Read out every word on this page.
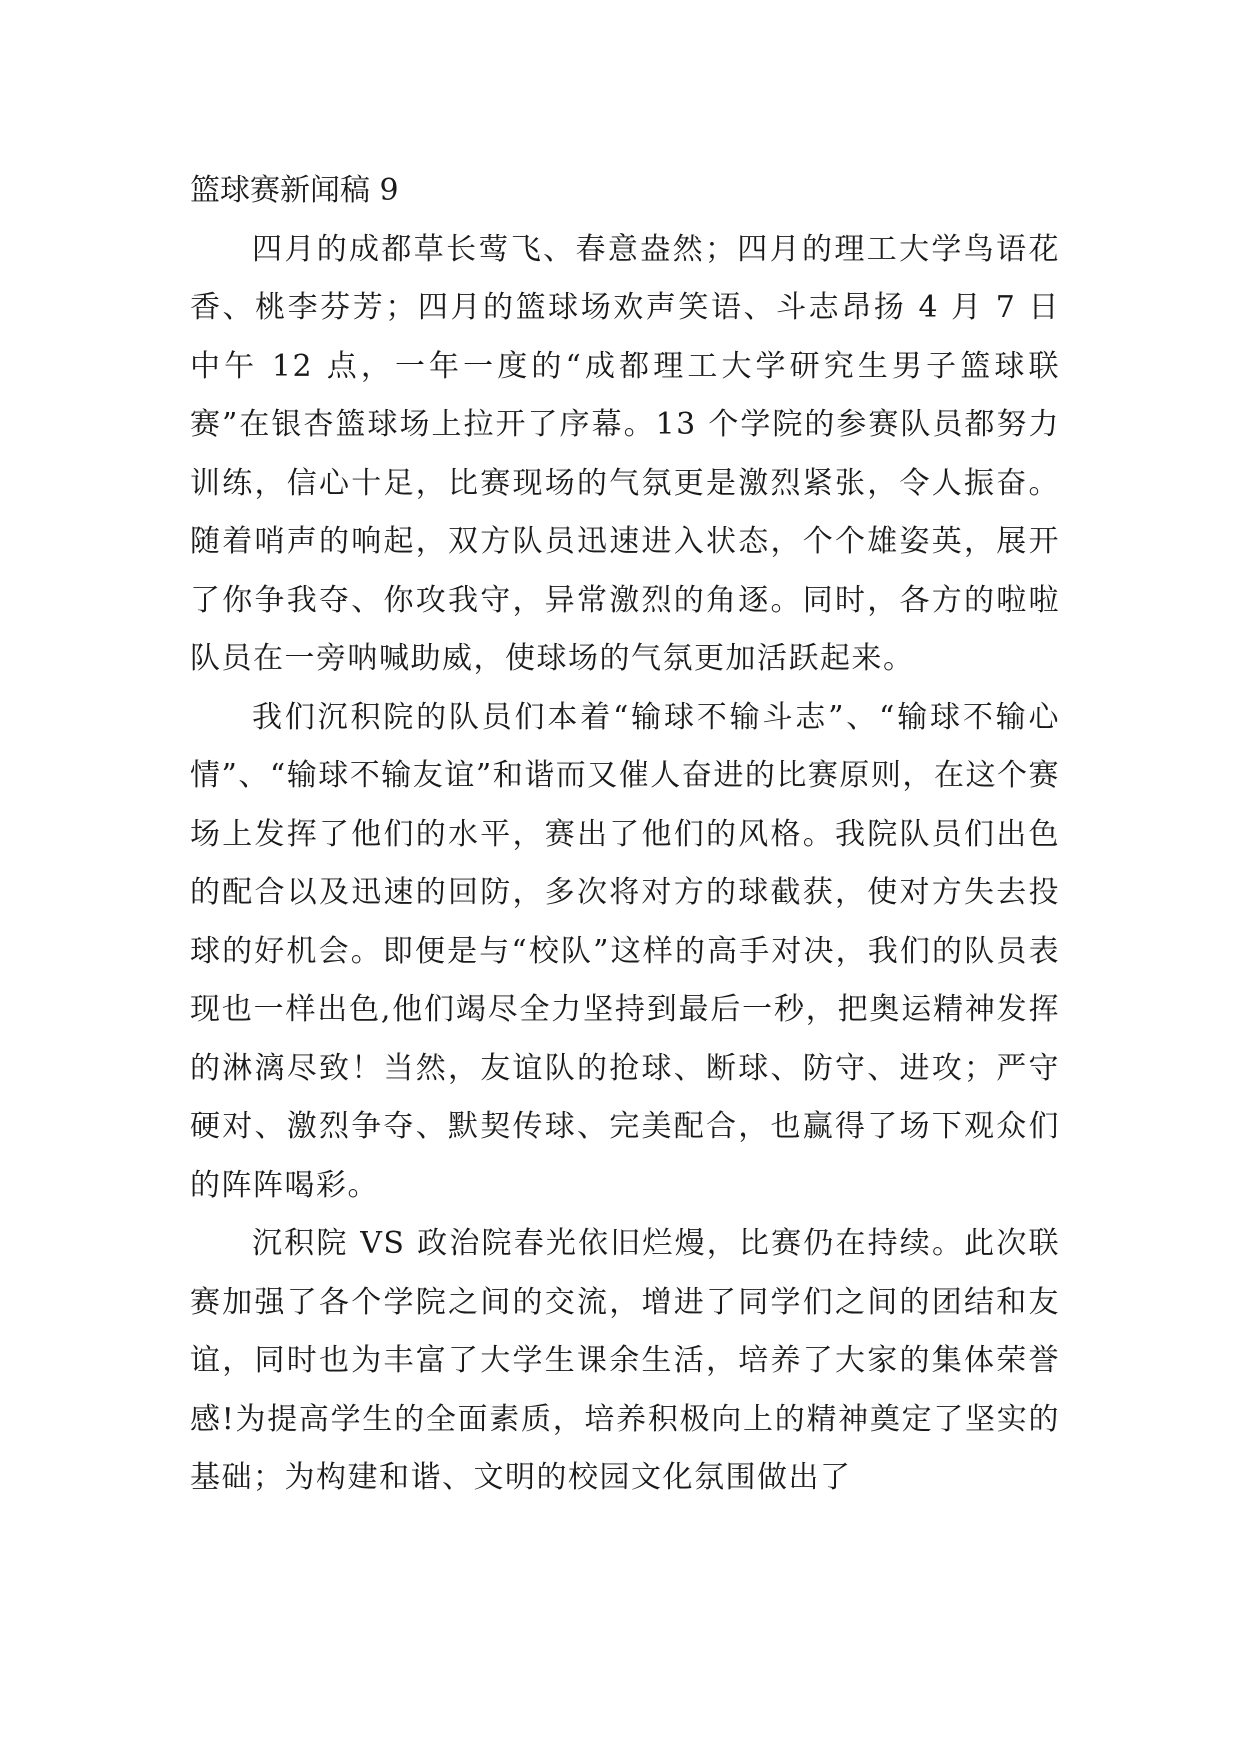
篮球赛新闻稿 9

四月的成都草长莺飞、春意盎然；四月的理工大学鸟语花香、桃李芬芳；四月的篮球场欢声笑语、斗志昂扬 4 月 7 日中午 12 点，一年一度的“成都理工大学研究生男子篮球联赛”在银杏篮球场上拉开了序幕。13 个学院的参赛队员都努力训练，信心十足，比赛现场的气氛更是激烈紧张，令人振奋。随着哨声的响起，双方队员迅速进入状态，个个雄姿英，展开了你争我夺、你攻我守，异常激烈的角逐。同时，各方的啦啦队员在一旁呐喊助威，使球场的气氛更加活跃起来。

我们沉积院的队员们本着“输球不输斗志”、“输球不输心情”、“输球不输友谊”和谐而又催人奋进的比赛原则，在这个赛场上发挥了他们的水平，赛出了他们的风格。我院队员们出色的配合以及迅速的回防，多次将对方的球截获，使对方失去投球的好机会。即便是与“校队”这样的高手对决，我们的队员表现也一样出色,他们竭尽全力坚持到最后一秒，把奥运精神发挥的淋漓尽致！当然，友谊队的抢球、断球、防守、进攻；严守硬对、激烈争夺、默契传球、完美配合，也赢得了场下观众们的阵阵喝彩。

沉积院 VS 政治院春光依旧烂熳，比赛仍在持续。此次联赛加强了各个学院之间的交流，增进了同学们之间的团结和友谊，同时也为丰富了大学生课余生活，培养了大家的集体荣誉感!为提高学生的全面素质，培养积极向上的精神奠定了坚实的基础；为构建和谐、文明的校园文化氛围做出了
